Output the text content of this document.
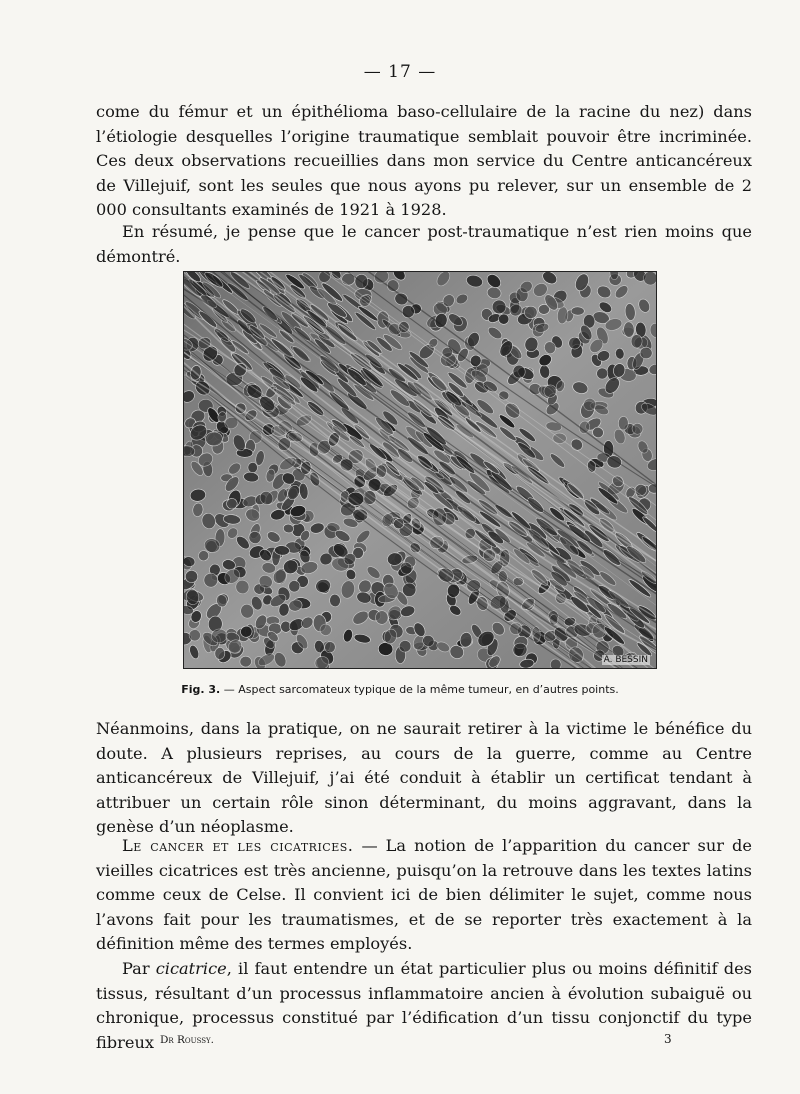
— 17 —

come du fémur et un épithélioma baso-cellulaire de la racine du nez) dans l’étiologie desquelles l’origine traumatique semblait pouvoir être incriminée. Ces deux observations recueillies dans mon service du Centre anticancéreux de Villejuif, sont les seules que nous ayons pu relever, sur un ensemble de 2 000 consultants examinés de 1921 à 1928.

En résumé, je pense que le cancer post-traumatique n’est rien moins que démontré.

A. BESSIN
Fig. 3. — Aspect sarcomateux typique de la même tumeur, en d’autres points.

Néanmoins, dans la pratique, on ne saurait retirer à la victime le bénéfice du doute. A plusieurs reprises, au cours de la guerre, comme au Centre anticancéreux de Villejuif, j’ai été conduit à établir un certificat tendant à attribuer un certain rôle sinon déterminant, du moins aggravant, dans la genèse d’un néoplasme.

Le cancer et les cicatrices. — La notion de l’apparition du cancer sur de vieilles cicatrices est très ancienne, puisqu’on la retrouve dans les textes latins comme ceux de Celse. Il convient ici de bien délimiter le sujet, comme nous l’avons fait pour les traumatismes, et de se reporter très exactement à la définition même des termes employés.

Par cicatrice, il faut entendre un état particulier plus ou moins définitif des tissus, résultant d’un processus inflammatoire ancien à évolution subaiguë ou chronique, processus constitué par l’édification d’un tissu conjonctif du type fibreux Dr Roussy.	3
